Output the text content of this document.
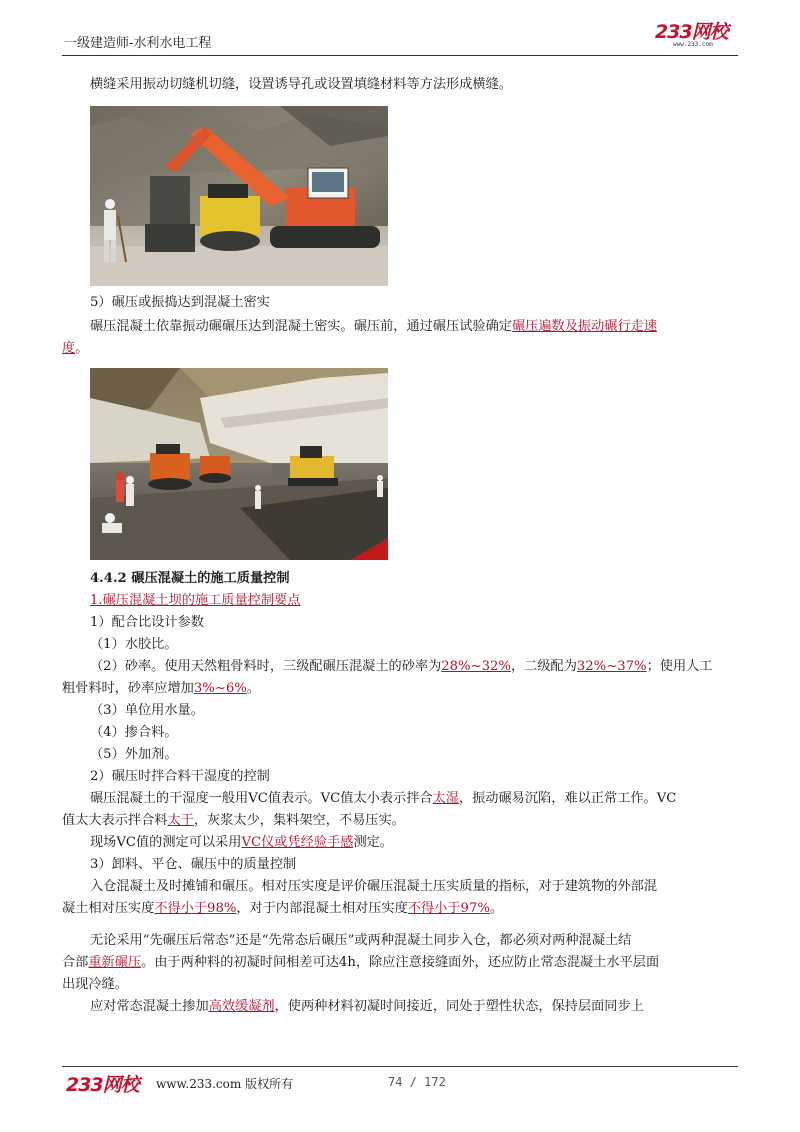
一级建造师-水利水电工程
233网校
www.233.com
横缝采用振动切缝机切缝，设置诱导孔或设置填缝材料等方法形成横缝。
5）碾压或振捣达到混凝土密实
碾压混凝土依靠振动碾碾压达到混凝土密实。碾压前，通过碾压试验确定碾压遍数及振动碾行走速
度。
4.4.2 碾压混凝土的施工质量控制
1.碾压混凝土坝的施工质量控制要点
1）配合比设计参数
（1）水胶比。
（2）砂率。使用天然粗骨料时，三级配碾压混凝土的砂率为28%~32%，二级配为32%~37%；使用人工
粗骨料时，砂率应增加3%~6%。
（3）单位用水量。
（4）掺合料。
（5）外加剂。
2）碾压时拌合料干湿度的控制
碾压混凝土的干湿度一般用VC值表示。VC值太小表示拌合太湿，振动碾易沉陷，难以正常工作。VC
值太大表示拌合料太干，灰浆太少，集料架空，不易压实。
现场VC值的测定可以采用VC仪或凭经验手感测定。
3）卸料、平仓、碾压中的质量控制
入仓混凝土及时摊铺和碾压。相对压实度是评价碾压混凝土压实质量的指标，对于建筑物的外部混
凝土相对压实度不得小于98%，对于内部混凝土相对压实度不得小于97%。
无论采用“先碾压后常态”还是“先常态后碾压”或两种混凝土同步入仓，都必须对两种混凝土结
合部重新碾压。由于两种料的初凝时间相差可达4h，除应注意接缝面外，还应防止常态混凝土水平层面
出现冷缝。
应对常态混凝土掺加高效缓凝剂，使两种材料初凝时间接近，同处于塑性状态，保持层面同步上
233网校 www.233.com 版权所有	74 / 172
